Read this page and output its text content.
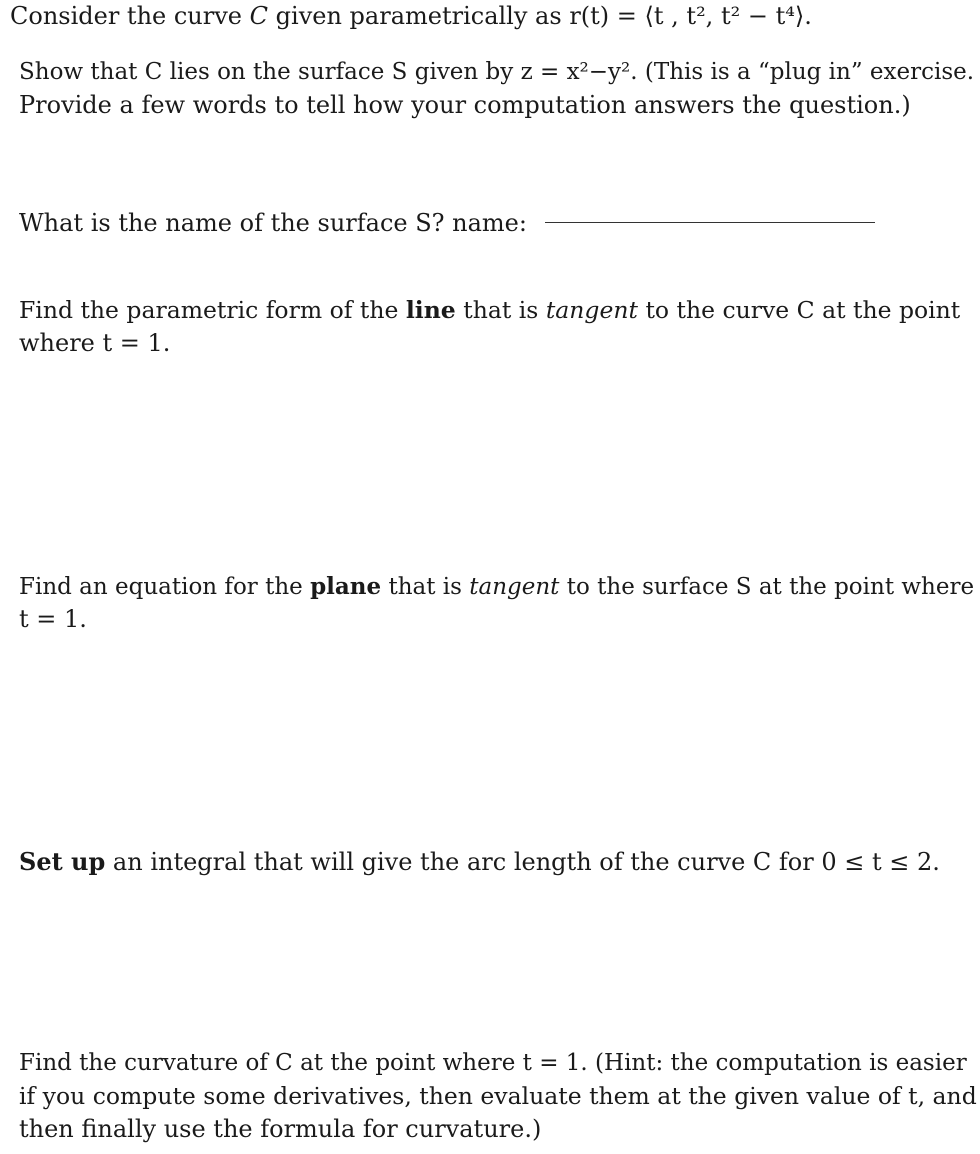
Consider the curve C given parametrically as r(t) = ⟨t , t², t² − t⁴⟩.

Show that C lies on the surface S given by z = x²−y². (This is a “plug in” exercise.

Provide a few words to tell how your computation answers the question.)

What is the name of the surface S? name:

Find the parametric form of the line that is tangent to the curve C at the point

where t = 1.

Find an equation for the plane that is tangent to the surface S at the point where

t = 1.

Set up an integral that will give the arc length of the curve C for 0 ≤ t ≤ 2.

Find the curvature of C at the point where t = 1. (Hint: the computation is easier

if you compute some derivatives, then evaluate them at the given value of t, and

then finally use the formula for curvature.)
